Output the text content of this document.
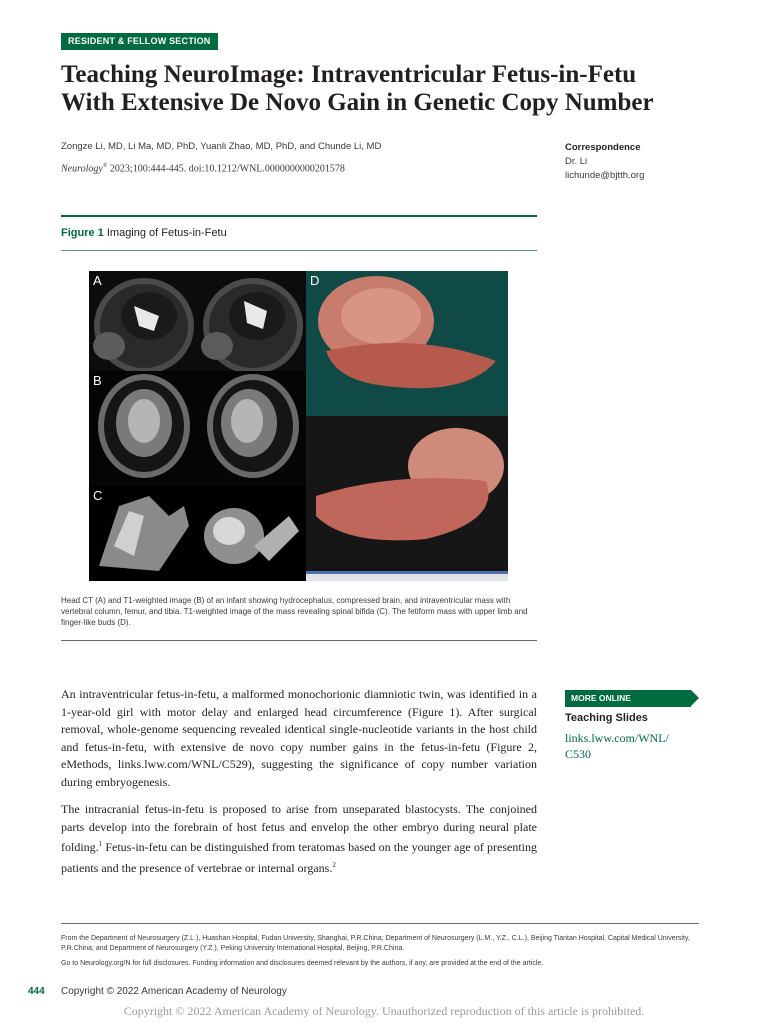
RESIDENT & FELLOW SECTION
Teaching NeuroImage: Intraventricular Fetus-in-Fetu
With Extensive De Novo Gain in Genetic Copy Number
Zongze Li, MD, Li Ma, MD, PhD, Yuanli Zhao, MD, PhD, and Chunde Li, MD
Neurology® 2023;100:444-445. doi:10.1212/WNL.0000000000201578
Correspondence
Dr. Li
lichunde@bjtth.org
Figure 1 Imaging of Fetus-in-Fetu
A
B
C
D

Head CT (A) and T1-weighted image (B) of an infant showing hydrocephalus, compressed brain, and intraventricular mass with vertebral column, femur, and tibia. T1-weighted image of the mass revealing spinal bifida (C). The fetiform mass with upper limb and finger-like buds (D).

An intraventricular fetus-in-fetu, a malformed monochorionic diamniotic twin, was identified in a 1-year-old girl with motor delay and enlarged head circumference (Figure 1). After surgical removal, whole-genome sequencing revealed identical single-nucleotide variants in the host child and fetus-in-fetu, with extensive de novo copy number gains in the fetus-in-fetu (Figure 2, eMethods, links.lww.com/WNL/C529), suggesting the significance of copy number variation during embryogenesis.

The intracranial fetus-in-fetu is proposed to arise from unseparated blastocysts. The conjoined parts develop into the forebrain of host fetus and envelop the other embryo during neural plate folding.$^1$ Fetus-in-fetu can be distinguished from teratomas based on the younger age of presenting patients and the presence of vertebrae or internal organs.$^2$

MORE ONLINE
Teaching Slides
links.lww.com/WNL/ C530

From the Department of Neurosurgery (Z.L.), Huashan Hospital, Fudan University, Shanghai, P.R.China; Department of Neurosurgery (L.M., Y.Z., C.L.), Beijing Tiantan Hospital, Capital Medical University, P.R.China; and Department of Neurosurgery (Y.Z.), Peking University International Hospital, Beijing, P.R.China.

Go to Neurology.org/N for full disclosures. Funding information and disclosures deemed relevant by the authors, if any, are provided at the end of the article.

444 Copyright © 2022 American Academy of Neurology
Copyright © 2022 American Academy of Neurology. Unauthorized reproduction of this article is prohibited.
